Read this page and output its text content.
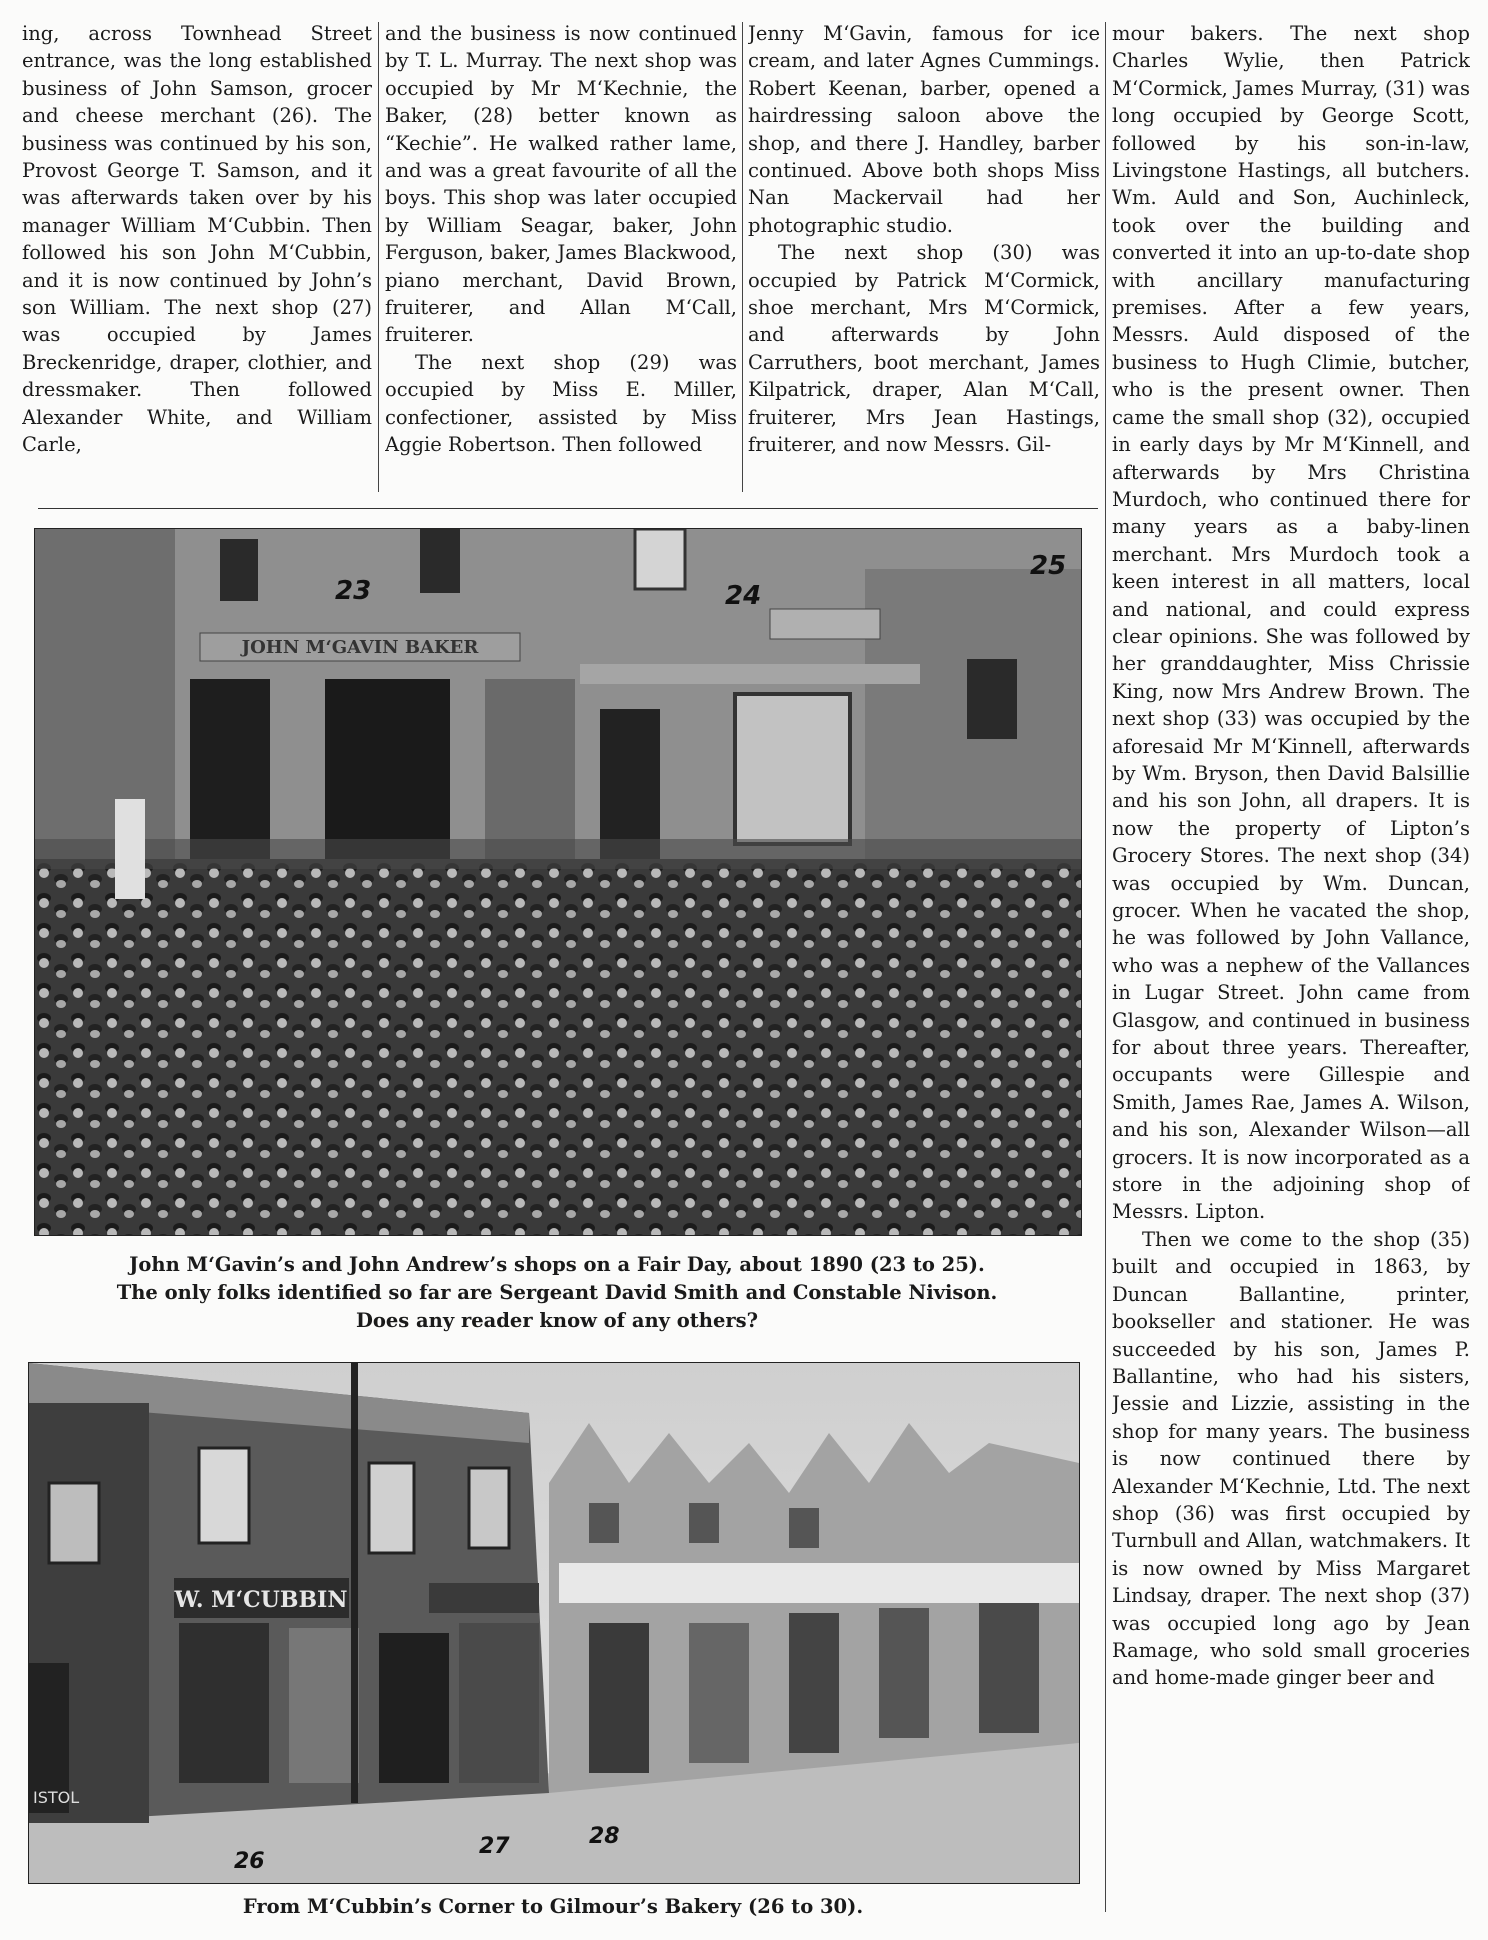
ing, across Townhead Street entrance, was the long established business of John Samson, grocer and cheese merchant (26). The business was continued by his son, Provost George T. Samson, and it was afterwards taken over by his manager William M‘Cubbin. Then followed his son John M‘Cubbin, and it is now continued by John’s son William. The next shop (27) was occupied by James Breckenridge, draper, clothier, and dressmaker. Then followed Alexander White, and William Carle,

and the business is now continued by T. L. Murray. The next shop was occupied by Mr M‘Kechnie, the Baker, (28) better known as “Kechie”. He walked rather lame, and was a great favourite of all the boys. This shop was later occupied by William Seagar, baker, John Ferguson, baker, James Blackwood, piano merchant, David Brown, fruiterer, and Allan M‘Call, fruiterer.

The next shop (29) was occupied by Miss E. Miller, confectioner, assisted by Miss Aggie Robertson. Then followed

Jenny M‘Gavin, famous for ice cream, and later Agnes Cummings. Robert Keenan, barber, opened a hairdressing saloon above the shop, and there J. Handley, barber continued. Above both shops Miss Nan Mackervail had her photographic studio.

The next shop (30) was occupied by Patrick M‘Cormick, shoe merchant, Mrs M‘Cormick, and afterwards by John Carruthers, boot merchant, James Kilpatrick, draper, Alan M‘Call, fruiterer, Mrs Jean Hastings, fruiterer, and now Messrs. Gil-

mour bakers. The next shop Charles Wylie, then Patrick M‘Cormick, James Murray, (31) was long occupied by George Scott, followed by his son-in-law, Livingstone Hastings, all butchers. Wm. Auld and Son, Auchinleck, took over the building and converted it into an up-to-date shop with ancillary manufacturing premises. After a few years, Messrs. Auld disposed of the business to Hugh Climie, butcher, who is the present owner. Then came the small shop (32), occupied in early days by Mr M‘Kinnell, and afterwards by Mrs Christina Murdoch, who continued there for many years as a baby-linen merchant. Mrs Murdoch took a keen interest in all matters, local and national, and could express clear opinions. She was followed by her granddaughter, Miss Chrissie King, now Mrs Andrew Brown. The next shop (33) was occupied by the aforesaid Mr M‘Kinnell, afterwards by Wm. Bryson, then David Balsillie and his son John, all drapers. It is now the property of Lipton’s Grocery Stores. The next shop (34) was occupied by Wm. Duncan, grocer. When he vacated the shop, he was followed by John Vallance, who was a nephew of the Vallances in Lugar Street. John came from Glasgow, and continued in business for about three years. Thereafter, occupants were Gillespie and Smith, James Rae, James A. Wilson, and his son, Alexander Wilson—all grocers. It is now incorporated as a store in the adjoining shop of Messrs. Lipton.

Then we come to the shop (35) built and occupied in 1863, by Duncan Ballantine, printer, bookseller and stationer. He was succeeded by his son, James P. Ballantine, who had his sisters, Jessie and Lizzie, assisting in the shop for many years. The business is now continued there by Alexander M‘Kechnie, Ltd. The next shop (36) was first occupied by Turnbull and Allan, watchmakers. It is now owned by Miss Margaret Lindsay, draper. The next shop (37) was occupied long ago by Jean Ramage, who sold small groceries and home-made ginger beer and

JOHN M‘GAVIN BAKER
23	24
25
John M‘Gavin’s and John Andrew’s shops on a Fair Day, about 1890 (23 to 25).
The only folks identified so far are Sergeant David Smith and Constable Nivison.
Does any reader know of any others?
W. M‘CUBBIN
ISTOL
26
27	28
From M‘Cubbin’s Corner to Gilmour’s Bakery (26 to 30).
